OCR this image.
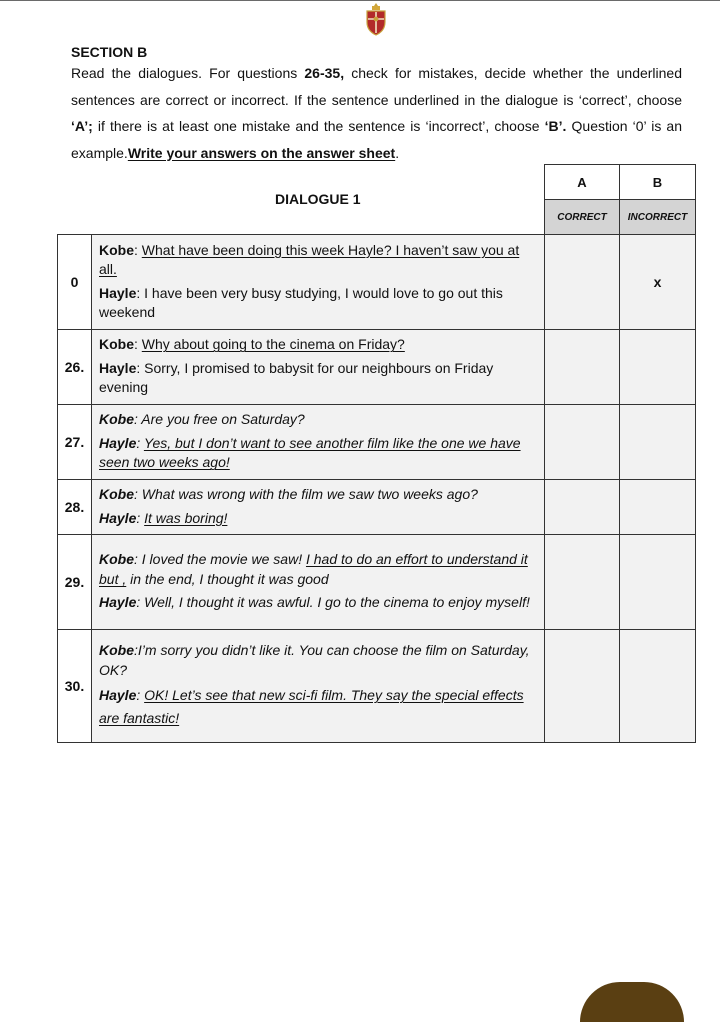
SECTION B
Read the dialogues. For questions 26-35, check for mistakes, decide whether the underlined sentences are correct or incorrect. If the sentence underlined in the dialogue is ‘correct’, choose ‘A’; if there is at least one mistake and the sentence is ‘incorrect’, choose ‘B’. Question ‘0’ is an example.Write your answers on the answer sheet.
	DIALOGUE 1	A	B
		CORRECT	INCORRECT
0	Kobe: What have been doing this week Hayle? I haven’t saw you at all.

Hayle: I have been very busy studying, I would love to go out this weekend		x
26.	Kobe: Why about going to the cinema on Friday?

Hayle: Sorry, I promised to babysit for our neighbours on Friday evening		

27.	Kobe: Are you free on Saturday?

Hayle: Yes, but I don’t want to see another film like the one we have seen two weeks ago!		

28.	Kobe: What was wrong with the film we saw two weeks ago?

Hayle: It was boring!		

29.	Kobe: I loved the movie we saw! I had to do an effort to understand it but , in the end, I thought it was good

Hayle: Well, I thought it was awful. I go to the cinema to enjoy myself!		

30.	Kobe:I’m sorry you didn’t like it. You can choose the film on Saturday, OK?

Hayle: OK! Let’s see that new sci-fi film. They say the special effects are fantastic!		
